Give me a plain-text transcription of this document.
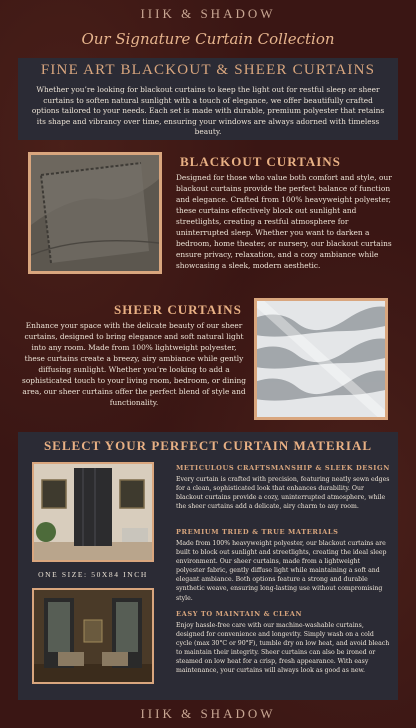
IIIK & SHADOW
Our Signature Curtain Collection
FINE ART BLACKOUT & SHEER CURTAINS
Whether you’re looking for blackout curtains to keep the light out for restful sleep or sheer curtains to soften natural sunlight with a touch of elegance, we offer beautifully crafted options tailored to your needs. Each set is made with durable, premium polyester that retains its shape and vibrancy over time, ensuring your windows are always adorned with timeless beauty.
BLACKOUT CURTAINS
Designed for those who value both comfort and style, our blackout curtains provide the perfect balance of function and elegance. Crafted from 100% heavyweight polyester, these curtains effectively block out sunlight and streetlights, creating a restful atmosphere for uninterrupted sleep. Whether you want to darken a bedroom, home theater, or nursery, our blackout curtains ensure privacy, relaxation, and a cozy ambiance while showcasing a sleek, modern aesthetic.
SHEER CURTAINS
Enhance your space with the delicate beauty of our sheer curtains, designed to bring elegance and soft natural light into any room. Made from 100% lightweight polyester, these curtains create a breezy, airy ambiance while gently diffusing sunlight. Whether you’re looking to add a sophisticated touch to your living room, bedroom, or dining area, our sheer curtains offer the perfect blend of style and functionality.
SELECT YOUR PERFECT CURTAIN MATERIAL
ONE SIZE: 50X84 INCH
METICULOUS CRAFTSMANSHIP & SLEEK DESIGN
Every curtain is crafted with precision, featuring neatly sewn edges for a clean, sophisticated look that enhances durability. Our blackout curtains provide a cozy, uninterrupted atmosphere, while the sheer curtains add a delicate, airy charm to any room.
PREMIUM TRIED & TRUE MATERIALS
Made from 100% heavyweight polyester, our blackout curtains are built to block out sunlight and streetlights, creating the ideal sleep environment. Our sheer curtains, made from a lightweight polyester fabric, gently diffuse light while maintaining a soft and elegant ambiance. Both options feature a strong and durable synthetic weave, ensuring long-lasting use without compromising style.
EASY TO MAINTAIN & CLEAN
Enjoy hassle-free care with our machine-washable curtains, designed for convenience and longevity. Simply wash on a cold cycle (max 30°C or 90°F), tumble dry on low heat, and avoid bleach to maintain their integrity. Sheer curtains can also be ironed or steamed on low heat for a crisp, fresh appearance. With easy maintenance, your curtains will always look as good as new.
IIIK & SHADOW
